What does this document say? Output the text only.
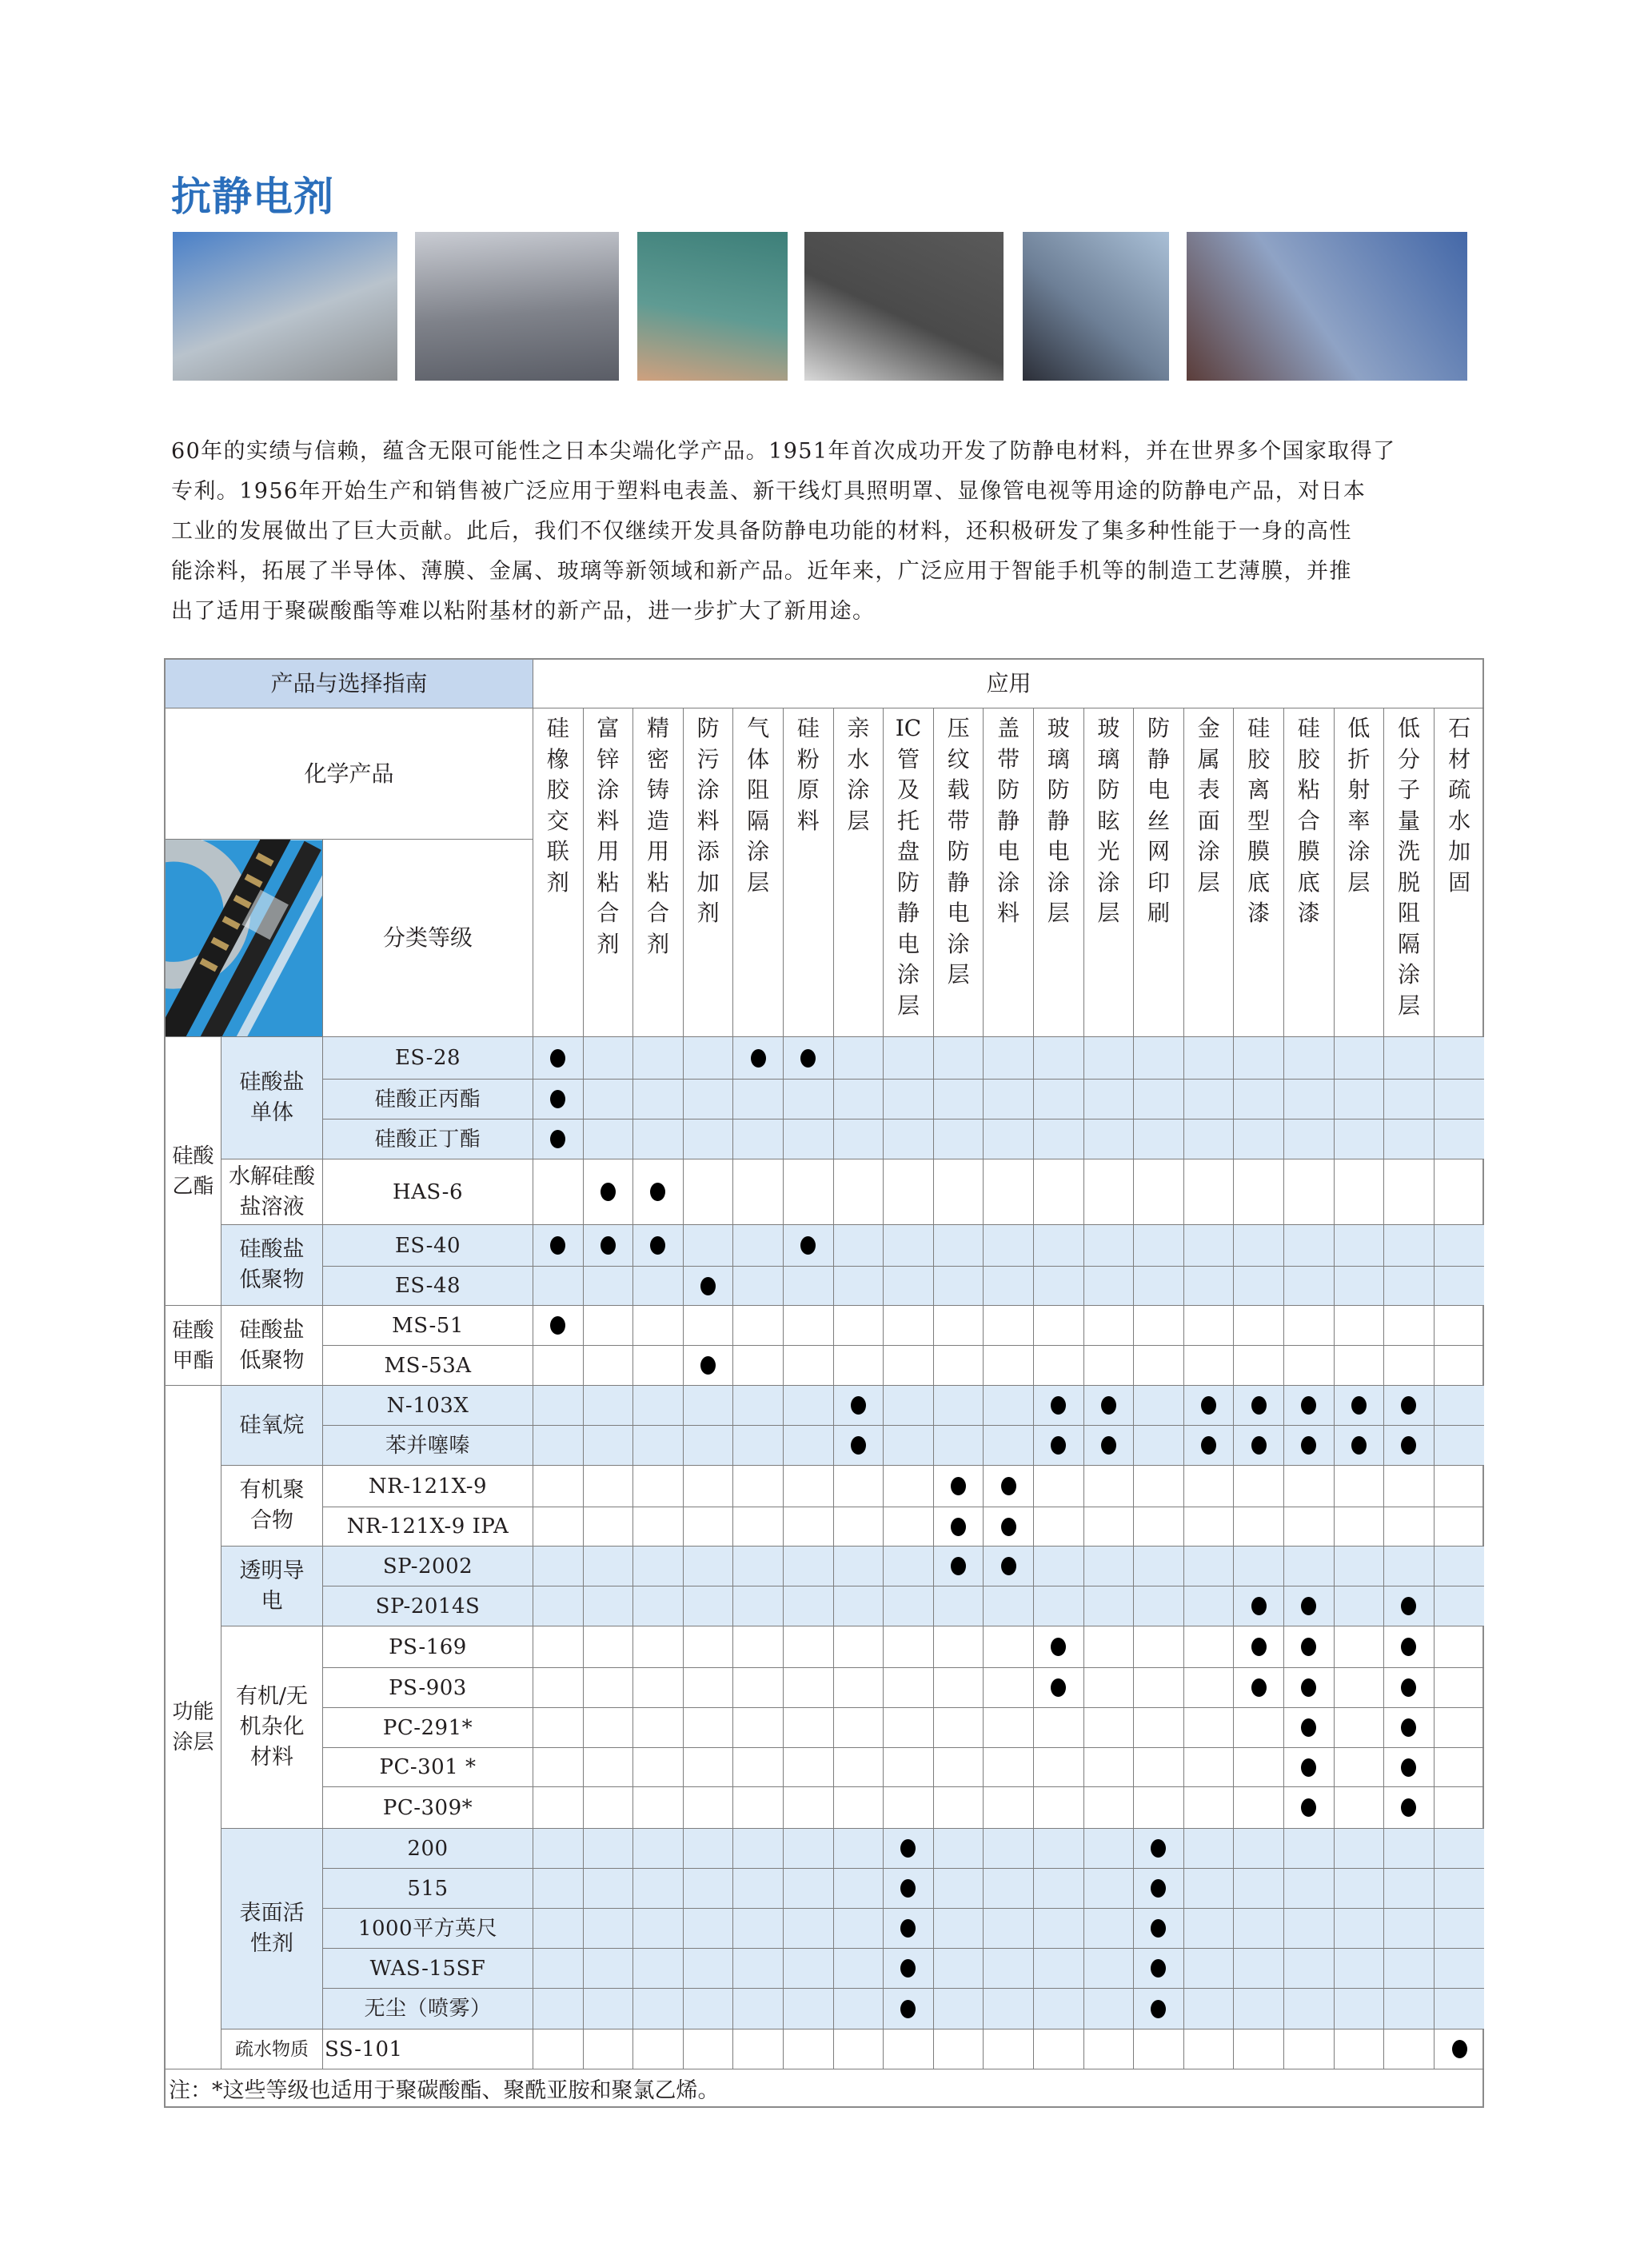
抗静电剂
60年的实绩与信赖，蕴含无限可能性之日本尖端化学产品。1951年首次成功开发了防静电材料，并在世界多个国家取得了
专利。1956年开始生产和销售被广泛应用于塑料电表盖、新干线灯具照明罩、显像管电视等用途的防静电产品，对日本
工业的发展做出了巨大贡献。此后，我们不仅继续开发具备防静电功能的材料，还积极研发了集多种性能于一身的高性
能涂料，拓展了半导体、薄膜、金属、玻璃等新领域和新产品。近年来，广泛应用于智能手机等的制造工艺薄膜，并推
出了适用于聚碳酸酯等难以粘附基材的新产品，进一步扩大了新用途。
产品与选择指南	应用
化学产品
分类等级
硅
橡
胶
交
联
剂
富
锌
涂
料
用
粘
合
剂
精
密
铸
造
用
粘
合
剂
防
污
涂
料
添
加
剂
气
体
阻
隔
涂
层
硅
粉
原
料
亲
水
涂
层
IC
管
及
托
盘
防
静
电
涂
层
压
纹
载
带
防
静
电
涂
层
盖
带
防
静
电
涂
料
玻
璃
防
静
电
涂
层
玻
璃
防
眩
光
涂
层
防
静
电
丝
网
印
刷
金
属
表
面
涂
层
硅
胶
离
型
膜
底
漆
硅
胶
粘
合
膜
底
漆
低
折
射
率
涂
层
低
分
子
量
洗
脱
阻
隔
涂
层
石
材
疏
水
加
固
硅酸
乙酯
硅酸
甲酯
功能
涂层
硅酸盐
单体
水解硅酸
盐溶液
硅酸盐
低聚物
硅酸盐
低聚物
硅氧烷
有机聚
合物
透明导
电
有机/无
机杂化
材料
表面活
性剂
疏水物质
ES-28
硅酸正丙酯
硅酸正丁酯
HAS-6
ES-40
ES-48
MS-51
MS-53A
N-103X
苯并噻嗪
NR-121X-9
NR-121X-9 IPA
SP-2002
SP-2014S
PS-169
PS-903
PC-291*
PC-301 *
PC-309*
200
515
1000平方英尺
WAS-15SF
无尘（喷雾）
SS-101
注：*这些等级也适用于聚碳酸酯、聚酰亚胺和聚氯乙烯。
